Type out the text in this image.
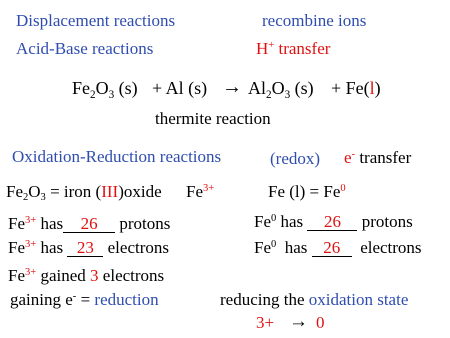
Displacement reactions	recombine ions
Acid-Base reactions	H+ transfer
$Fe_2O_3$ (s) + Al $(s) \to Al_2O_3$ (s) + Fe(l)
thermite reaction
Oxidation-Reduction reactions	(redox) e- transfer
$Fe_2O_3$ = iron (III)oxide $Fe^{3+}$	Fe $(l) = Fe^0$
$Fe^{3+}$ has 26 protons
$Fe^{3+}$ has 23 electrons
$Fe^{3+}$ gained 3 electrons
gaining e- = reduction
Fe$^0$ has 26 protons
Fe$^0$  has 26  electrons
reducing the oxidation state
3+ → 0
